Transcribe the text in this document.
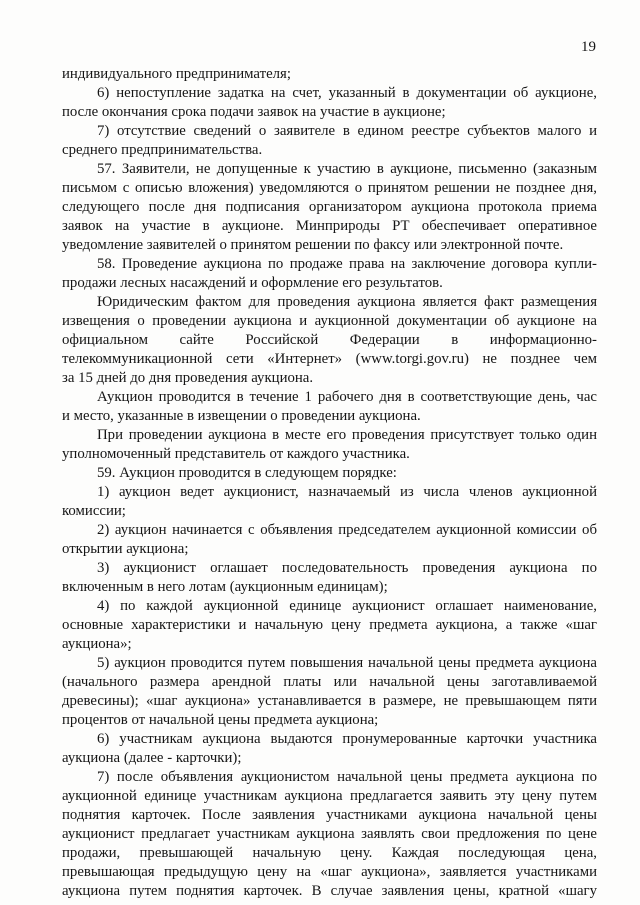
19
индивидуального предпринимателя;
6) непоступление задатка на счет, указанный в документации об аукционе,
после окончания срока подачи заявок на участие в аукционе;
7) отсутствие сведений о заявителе в едином реестре субъектов малого и
среднего предпринимательства.
57. Заявители, не допущенные к участию в аукционе, письменно (заказным
письмом с описью вложения) уведомляются о принятом решении не позднее дня,
следующего после дня подписания организатором аукциона протокола приема
заявок на участие в аукционе. Минприроды РТ обеспечивает оперативное
уведомление заявителей о принятом решении по факсу или электронной почте.
58. Проведение аукциона по продаже права на заключение договора купли-
продажи лесных насаждений и оформление его результатов.
Юридическим фактом для проведения аукциона является факт размещения
извещения о проведении аукциона и аукционной документации об аукционе на
официальном сайте Российской Федерации в информационно-
телекоммуникационной сети «Интернет» (www.torgi.gov.ru) не позднее чем
за 15 дней до дня проведения аукциона.
Аукцион проводится в течение 1 рабочего дня в соответствующие день, час
и место, указанные в извещении о проведении аукциона.
При проведении аукциона в месте его проведения присутствует только один
уполномоченный представитель от каждого участника.
59. Аукцион проводится в следующем порядке:
1) аукцион ведет аукционист, назначаемый из числа членов аукционной
комиссии;
2) аукцион начинается с объявления председателем аукционной комиссии об
открытии аукциона;
3) аукционист оглашает последовательность проведения аукциона по
включенным в него лотам (аукционным единицам);
4) по каждой аукционной единице аукционист оглашает наименование,
основные характеристики и начальную цену предмета аукциона, а также «шаг
аукциона»;
5) аукцион проводится путем повышения начальной цены предмета аукциона
(начального размера арендной платы или начальной цены заготавливаемой
древесины); «шаг аукциона» устанавливается в размере, не превышающем пяти
процентов от начальной цены предмета аукциона;
6) участникам аукциона выдаются пронумерованные карточки участника
аукциона (далее - карточки);
7) после объявления аукционистом начальной цены предмета аукциона по
аукционной единице участникам аукциона предлагается заявить эту цену путем
поднятия карточек. После заявления участниками аукциона начальной цены
аукционист предлагает участникам аукциона заявлять свои предложения по цене
продажи, превышающей начальную цену. Каждая последующая цена,
превышающая предыдущую цену на «шаг аукциона», заявляется участниками
аукциона путем поднятия карточек. В случае заявления цены, кратной «шагу
